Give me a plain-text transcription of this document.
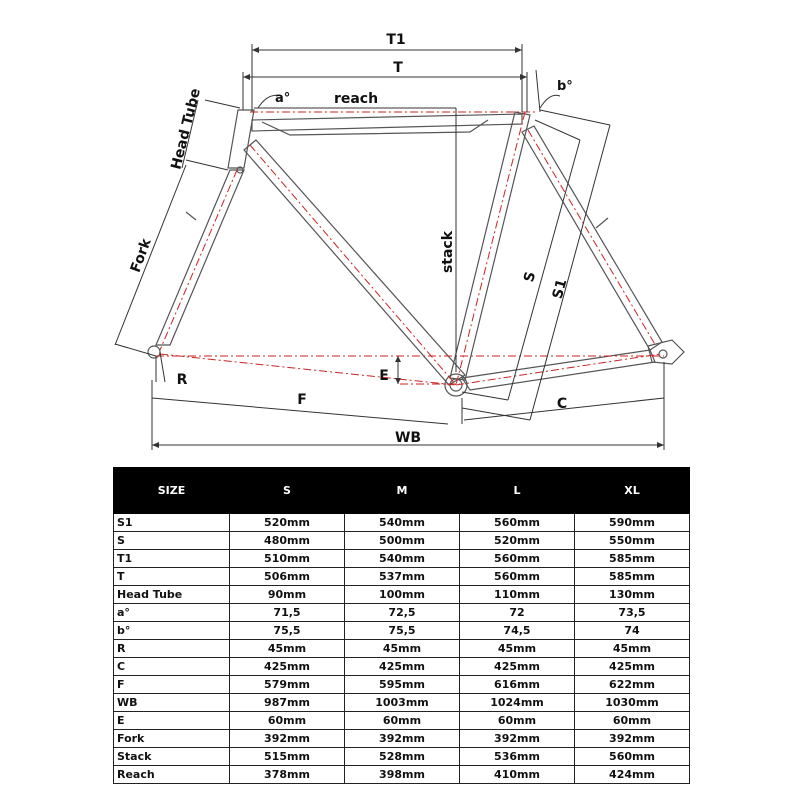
T1
T
a°
b°
reach
Head Tube
stack
Fork
S
S1
E
R
F	C
WB
SIZE	S	M	L	XL
S1	520mm	540mm	560mm	590mm
S	480mm	500mm	520mm	550mm
T1	510mm	540mm	560mm	585mm
T	506mm	537mm	560mm	585mm
Head Tube	90mm	100mm	110mm	130mm
a°	71,5	72,5	72	73,5
b°	75,5	75,5	74,5	74
R	45mm	45mm	45mm	45mm
C	425mm	425mm	425mm	425mm
F	579mm	595mm	616mm	622mm
WB	987mm	1003mm	1024mm	1030mm
E	60mm	60mm	60mm	60mm
Fork	392mm	392mm	392mm	392mm
Stack	515mm	528mm	536mm	560mm
Reach	378mm	398mm	410mm	424mm
